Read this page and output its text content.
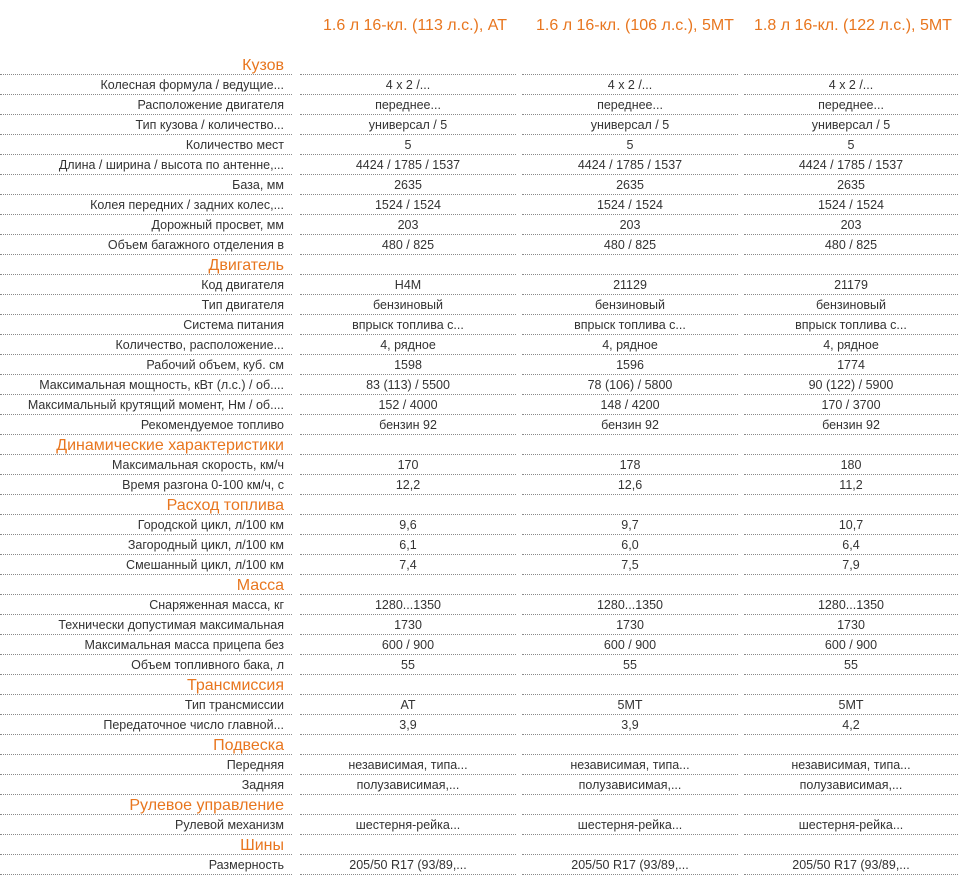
1.6 л 16-кл. (113 л.с.), AT	1.6 л 16-кл. (106 л.с.), 5MT	1.8 л 16-кл. (122 л.с.), 5MT
Кузов
Колесная формула / ведущие...	4 x 2 /...	4 x 2 /...	4 x 2 /...
Расположение двигателя	переднее...	переднее...	переднее...
Тип кузова / количество...	универсал / 5	универсал / 5	универсал / 5
Количество мест	5	5	5
Длина / ширина / высота по антенне,...	4424 / 1785 / 1537	4424 / 1785 / 1537	4424 / 1785 / 1537
База, мм	2635	2635	2635
Колея передних / задних колес,...	1524 / 1524	1524 / 1524	1524 / 1524
Дорожный просвет, мм	203	203	203
Объем багажного отделения в	480 / 825	480 / 825	480 / 825
Двигатель
Код двигателя	H4M	21129	21179
Тип двигателя	бензиновый	бензиновый	бензиновый
Система питания	впрыск топлива с...	впрыск топлива с...	впрыск топлива с...
Количество, расположение...	4, рядное	4, рядное	4, рядное
Рабочий объем, куб. см	1598	1596	1774
Максимальная мощность, кВт (л.с.) / об....	83 (113) / 5500	78 (106) / 5800	90 (122) / 5900
Максимальный крутящий момент, Нм / об....	152 / 4000	148 / 4200	170 / 3700
Рекомендуемое топливо	бензин 92	бензин 92	бензин 92
Динамические характеристики
Максимальная скорость, км/ч	170	178	180
Время разгона 0-100 км/ч, с	12,2	12,6	11,2
Расход топлива
Городской цикл, л/100 км	9,6	9,7	10,7
Загородный цикл, л/100 км	6,1	6,0	6,4
Смешанный цикл, л/100 км	7,4	7,5	7,9
Масса
Снаряженная масса, кг	1280...1350	1280...1350	1280...1350
Технически допустимая максимальная	1730	1730	1730
Максимальная масса прицепа без	600 / 900	600 / 900	600 / 900
Объем топливного бака, л	55	55	55
Трансмиссия
Тип трансмиссии	AT	5MT	5MT
Передаточное число главной...	3,9	3,9	4,2
Подвеска
Передняя	независимая, типа...	независимая, типа...	независимая, типа...
Задняя	полузависимая,...	полузависимая,...	полузависимая,...
Рулевое управление
Рулевой механизм	шестерня-рейка...	шестерня-рейка...	шестерня-рейка...
Шины
Размерность	205/50 R17 (93/89,...	205/50 R17 (93/89,...	205/50 R17 (93/89,...
